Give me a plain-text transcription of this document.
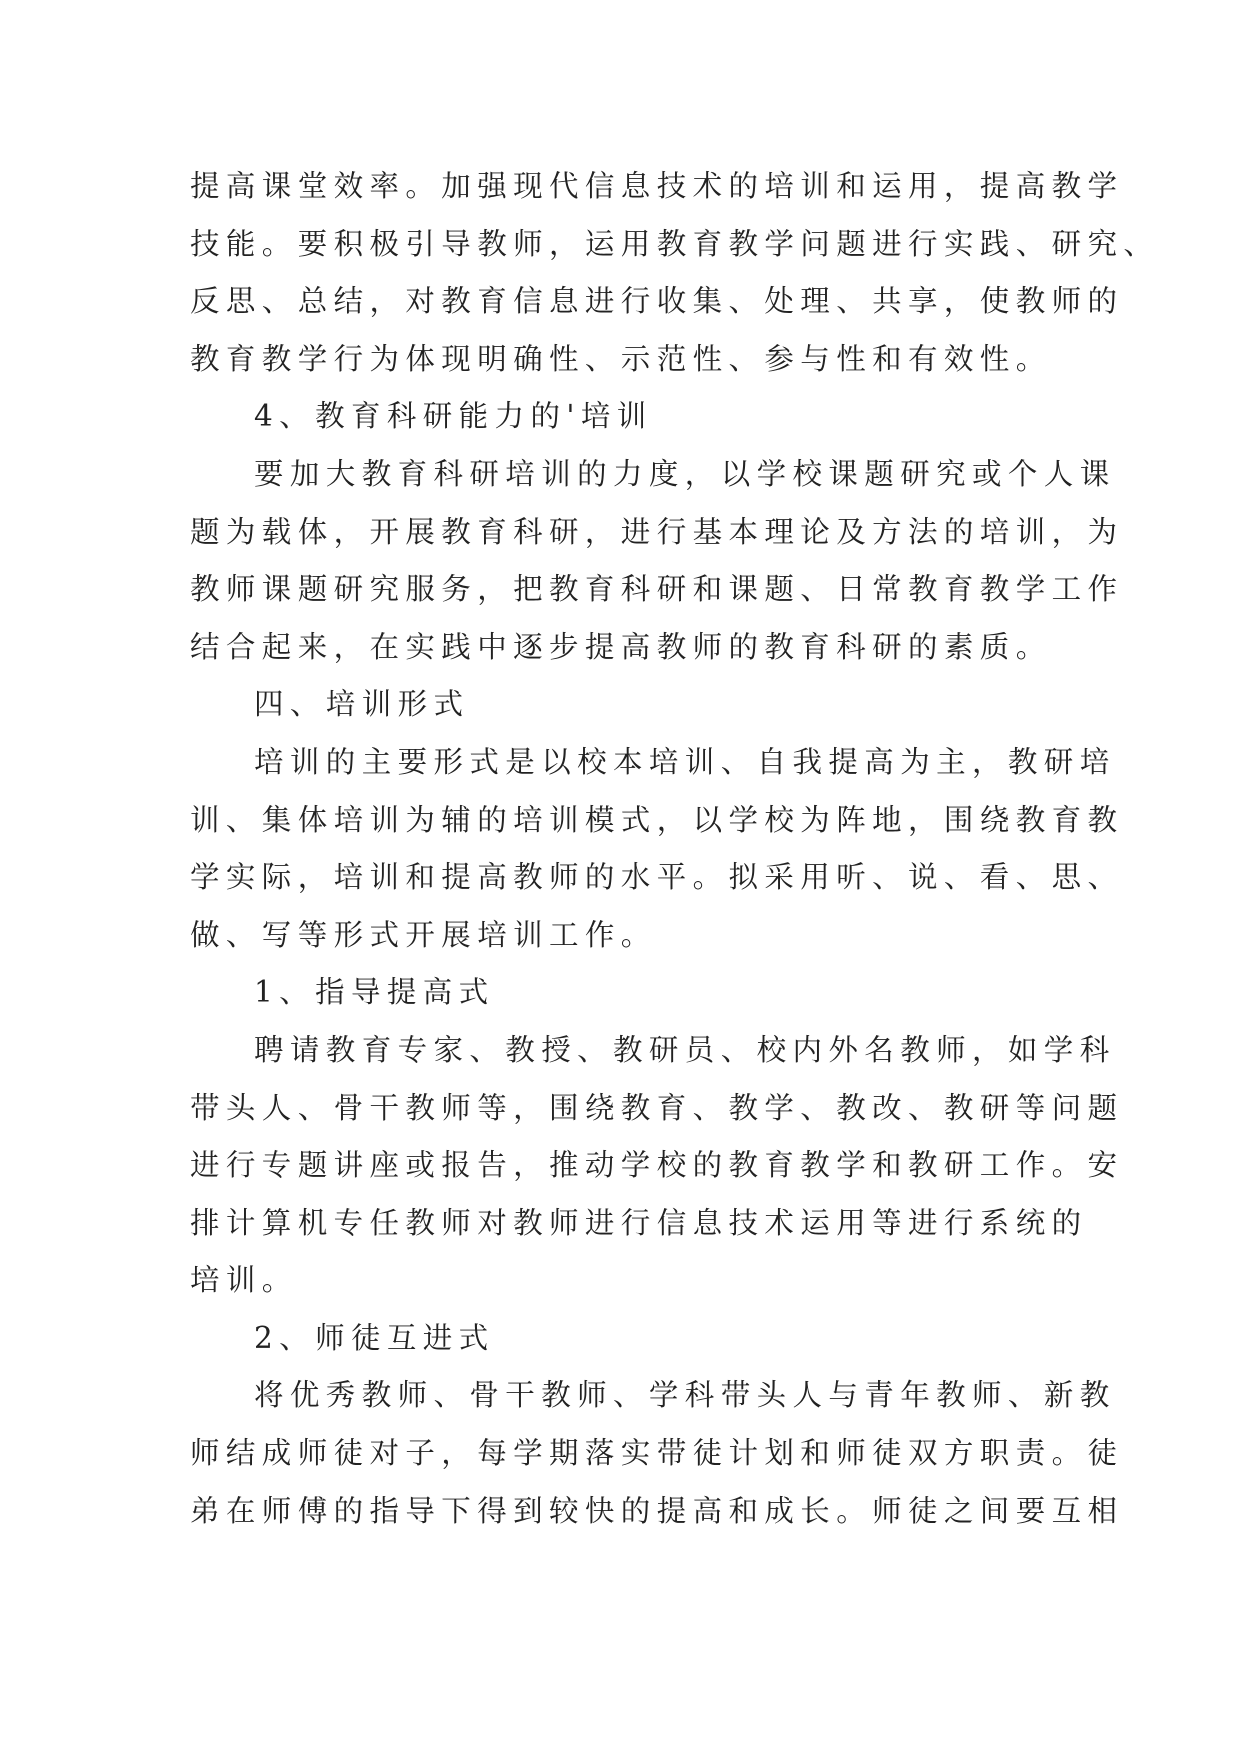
提高课堂效率。加强现代信息技术的培训和运用，提高教学
技能。要积极引导教师，运用教育教学问题进行实践、研究、
反思、总结，对教育信息进行收集、处理、共享，使教师的
教育教学行为体现明确性、示范性、参与性和有效性。
4、教育科研能力的'培训
要加大教育科研培训的力度，以学校课题研究或个人课
题为载体，开展教育科研，进行基本理论及方法的培训，为
教师课题研究服务，把教育科研和课题、日常教育教学工作
结合起来，在实践中逐步提高教师的教育科研的素质。
四、培训形式
培训的主要形式是以校本培训、自我提高为主，教研培
训、集体培训为辅的培训模式，以学校为阵地，围绕教育教
学实际，培训和提高教师的水平。拟采用听、说、看、思、
做、写等形式开展培训工作。
1、指导提高式
聘请教育专家、教授、教研员、校内外名教师，如学科
带头人、骨干教师等，围绕教育、教学、教改、教研等问题
进行专题讲座或报告，推动学校的教育教学和教研工作。安
排计算机专任教师对教师进行信息技术运用等进行系统的
培训。
2、师徒互进式
将优秀教师、骨干教师、学科带头人与青年教师、新教
师结成师徒对子，每学期落实带徒计划和师徒双方职责。徒
弟在师傅的指导下得到较快的提高和成长。师徒之间要互相
